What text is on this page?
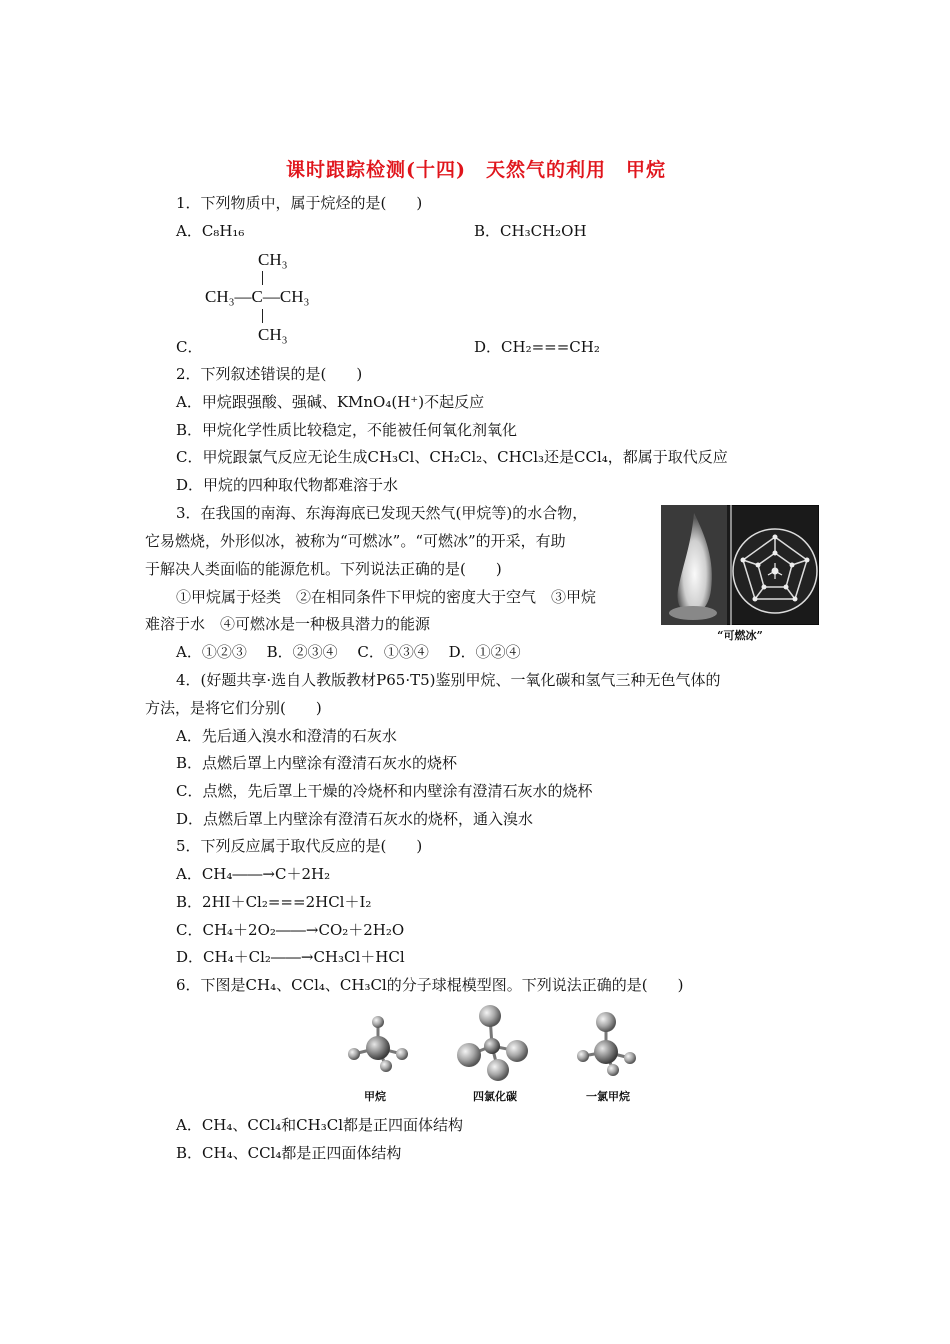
课时跟踪检测(十四)　天然气的利用　甲烷
1．下列物质中，属于烷烃的是(　　)
A．C₈H₁₆	B．CH₃CH₂OH
CH₃
CH₃—C—CH₃
CH₃
C．	D．CH₂===CH₂
2．下列叙述错误的是(　　)
A．甲烷跟强酸、强碱、KMnO₄(H⁺)不起反应
B．甲烷化学性质比较稳定，不能被任何氧化剂氧化
C．甲烷跟氯气反应无论生成CH₃Cl、CH₂Cl₂、CHCl₃还是CCl₄，都属于取代反应
D．甲烷的四种取代物都难溶于水
3．在我国的南海、东海海底已发现天然气(甲烷等)的水合物，
它易燃烧，外形似冰，被称为“可燃冰”。“可燃冰”的开采，有助
于解决人类面临的能源危机。下列说法正确的是(　　)
①甲烷属于烃类　②在相同条件下甲烷的密度大于空气　③甲烷
难溶于水　④可燃冰是一种极具潜力的能源
A．①②③　 B．②③④　 C．①③④　 D．①②④
“可燃冰”
4．(好题共享·选自人教版教材P65·T5)鉴别甲烷、一氧化碳和氢气三种无色气体的
方法，是将它们分别(　　)
A．先后通入溴水和澄清的石灰水
B．点燃后罩上内壁涂有澄清石灰水的烧杯
C．点燃，先后罩上干燥的冷烧杯和内壁涂有澄清石灰水的烧杯
D．点燃后罩上内壁涂有澄清石灰水的烧杯，通入溴水
5．下列反应属于取代反应的是(　　)
A．CH₄――→C＋2H₂
B．2HI＋Cl₂===2HCl＋I₂
C．CH₄＋2O₂――→CO₂＋2H₂O
D．CH₄＋Cl₂――→CH₃Cl＋HCl
6．下图是CH₄、CCl₄、CH₃Cl的分子球棍模型图。下列说法正确的是(　　)
甲烷	四氯化碳	一氯甲烷
A．CH₄、CCl₄和CH₃Cl都是正四面体结构
B．CH₄、CCl₄都是正四面体结构
